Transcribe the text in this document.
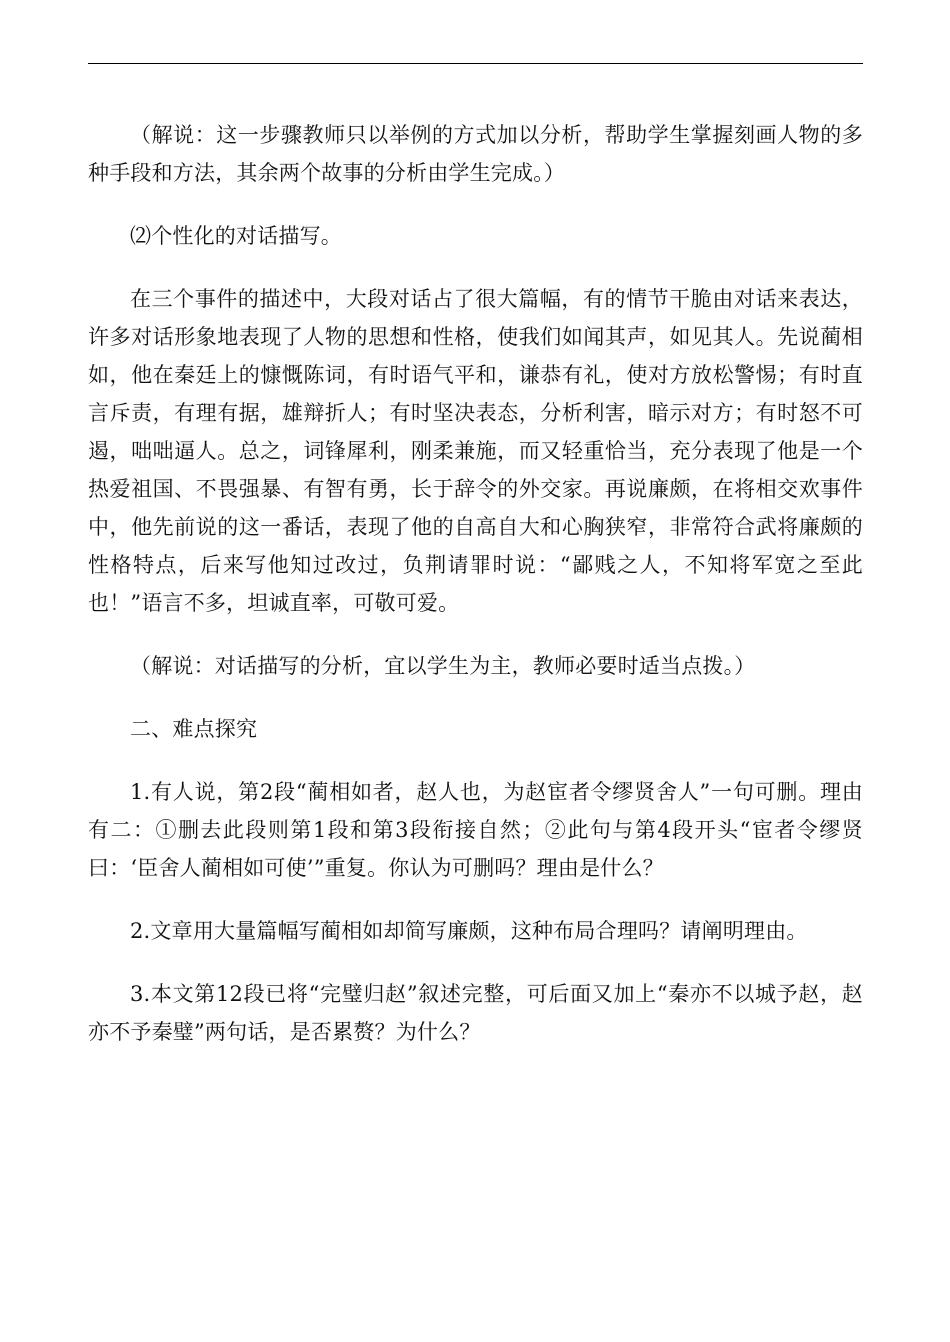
（解说：这一步骤教师只以举例的方式加以分析，帮助学生掌握刻画人物的多种手段和方法，其余两个故事的分析由学生完成。）

⑵个性化的对话描写。

在三个事件的描述中，大段对话占了很大篇幅，有的情节干脆由对话来表达，许多对话形象地表现了人物的思想和性格，使我们如闻其声，如见其人。先说蔺相如，他在秦廷上的慷慨陈词，有时语气平和，谦恭有礼，使对方放松警惕；有时直言斥责，有理有据，雄辩折人；有时坚决表态，分析利害，暗示对方；有时怒不可遏，咄咄逼人。总之，词锋犀利，刚柔兼施，而又轻重恰当，充分表现了他是一个热爱祖国、不畏强暴、有智有勇，长于辞令的外交家。再说廉颇，在将相交欢事件中，他先前说的这一番话，表现了他的自高自大和心胸狭窄，非常符合武将廉颇的性格特点，后来写他知过改过，负荆请罪时说：“鄙贱之人，不知将军宽之至此也！”语言不多，坦诚直率，可敬可爱。

（解说：对话描写的分析，宜以学生为主，教师必要时适当点拨。）

二、难点探究

1.有人说，第2段“蔺相如者，赵人也，为赵宦者令缪贤舍人”一句可删。理由有二：①删去此段则第1段和第3段衔接自然；②此句与第4段开头“宦者令缪贤曰：‘臣舍人蔺相如可使’”重复。你认为可删吗？理由是什么？

2.文章用大量篇幅写蔺相如却简写廉颇，这种布局合理吗？请阐明理由。

3.本文第12段已将“完璧归赵”叙述完整，可后面又加上“秦亦不以城予赵，赵亦不予秦璧”两句话，是否累赘？为什么？
